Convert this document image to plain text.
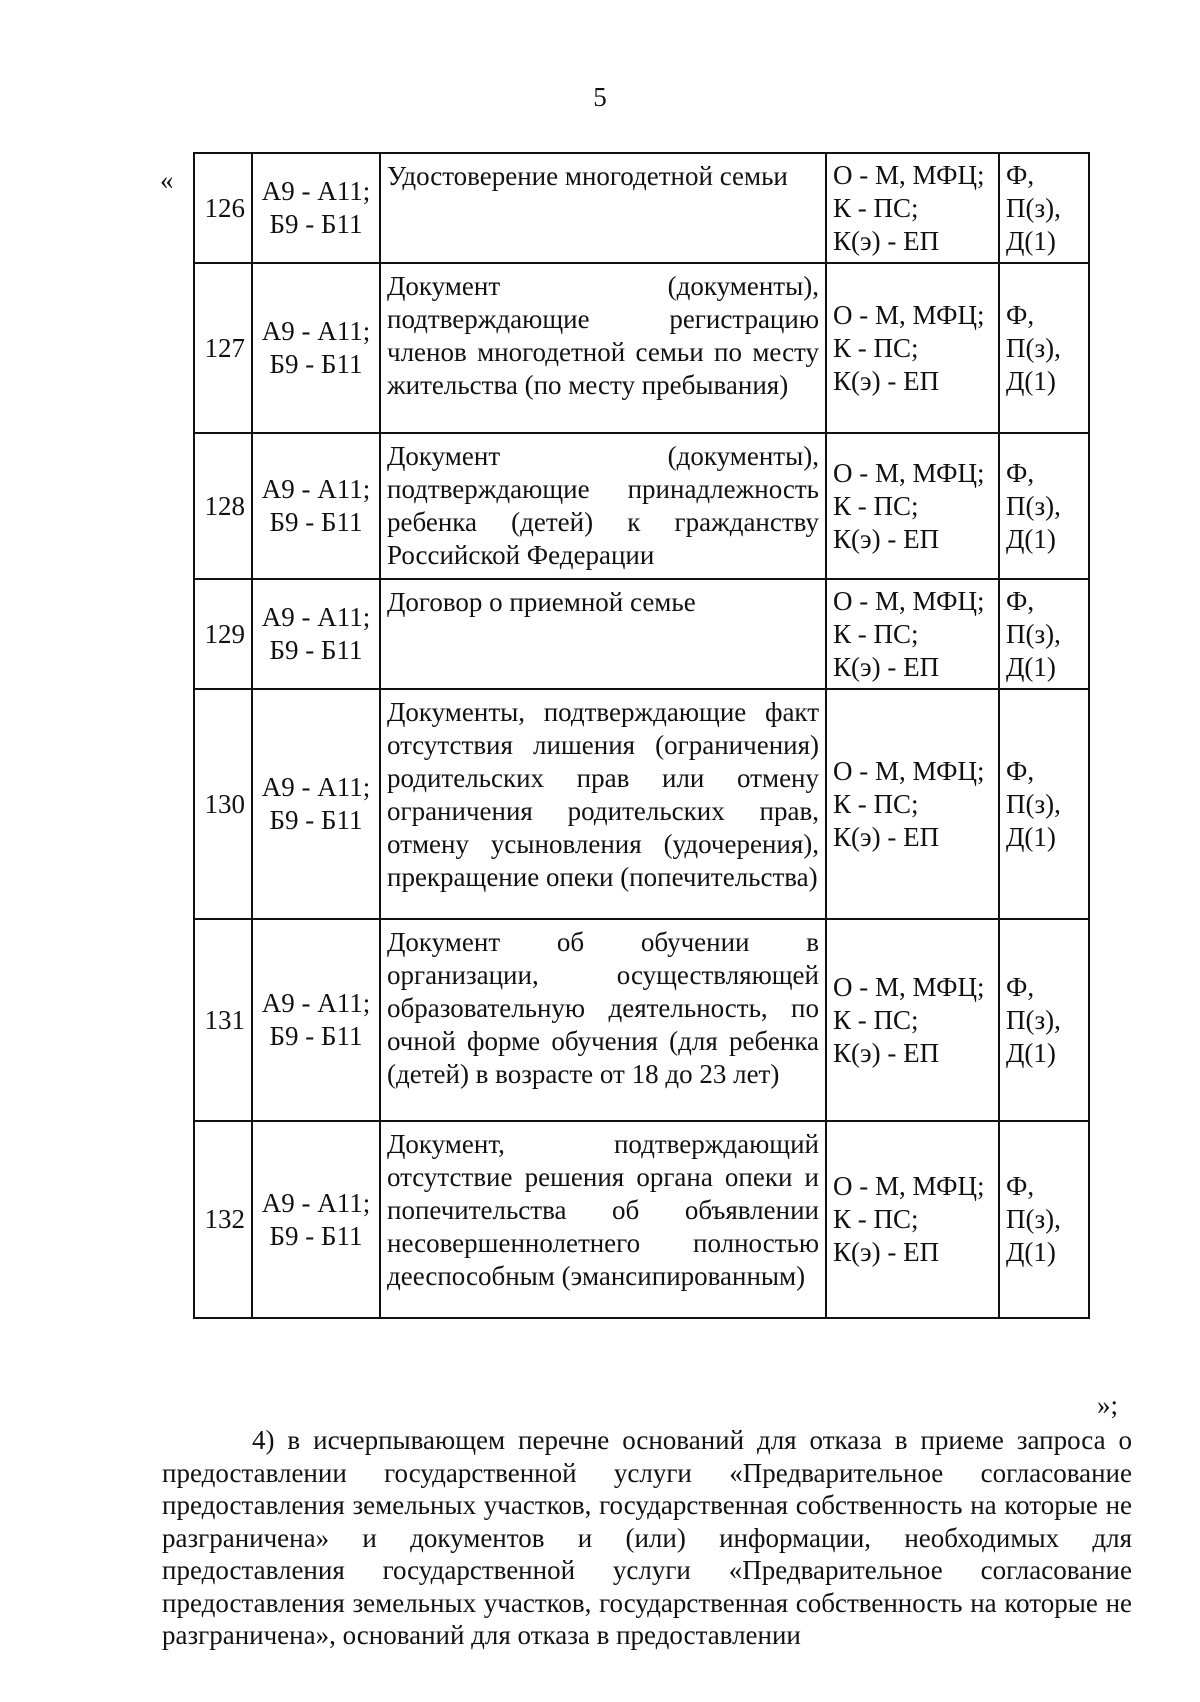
5
«
126	А9 - А11;
Б9 - Б11	Удостоверение многодетной семьи	О - М, МФЦ;
К - ПС;
К(э) - ЕП	Ф,
П(з),
Д(1)

127	А9 - А11;
Б9 - Б11	Документ (документы), подтверждающие регистрацию членов многодетной семьи по месту жительства (по месту пребывания)	О - М, МФЦ;
К - ПС;
К(э) - ЕП	Ф,
П(з),
Д(1)

128	А9 - А11;
Б9 - Б11	Документ (документы), подтверждающие принадлежность ребенка (детей) к гражданству Российской Федерации	О - М, МФЦ;
К - ПС;
К(э) - ЕП	Ф,
П(з),
Д(1)

129	А9 - А11;
Б9 - Б11	Договор о приемной семье	О - М, МФЦ;
К - ПС;
К(э) - ЕП	Ф,
П(з),
Д(1)

130	А9 - А11;
Б9 - Б11	Документы, подтверждающие факт отсутствия лишения (ограничения) родительских прав или отмену ограничения родительских прав, отмену усыновления (удочерения), прекращение опеки (попечительства)	О - М, МФЦ;
К - ПС;
К(э) - ЕП	Ф,
П(з),
Д(1)

131	А9 - А11;
Б9 - Б11	Документ об обучении в организации, осуществляющей образовательную деятельность, по очной форме обучения (для ребенка (детей) в возрасте от 18 до 23 лет)	О - М, МФЦ;
К - ПС;
К(э) - ЕП	Ф,
П(з),
Д(1)

132	А9 - А11;
Б9 - Б11	Документ, подтверждающий отсутствие решения органа опеки и попечительства об объявлении несовершеннолетнего полностью дееспособным (эмансипированным)	О - М, МФЦ;
К - ПС;
К(э) - ЕП	Ф,
П(з),
Д(1)
»;
4) в исчерпывающем перечне оснований для отказа в приеме запроса о предоставлении государственной услуги «Предварительное согласование предоставления земельных участков, государственная собственность на которые не разграничена» и документов и (или) информации, необходимых для предоставления государственной услуги «Предварительное согласование предоставления земельных участков, государственная собственность на которые не разграничена», оснований для отказа в предоставлении
